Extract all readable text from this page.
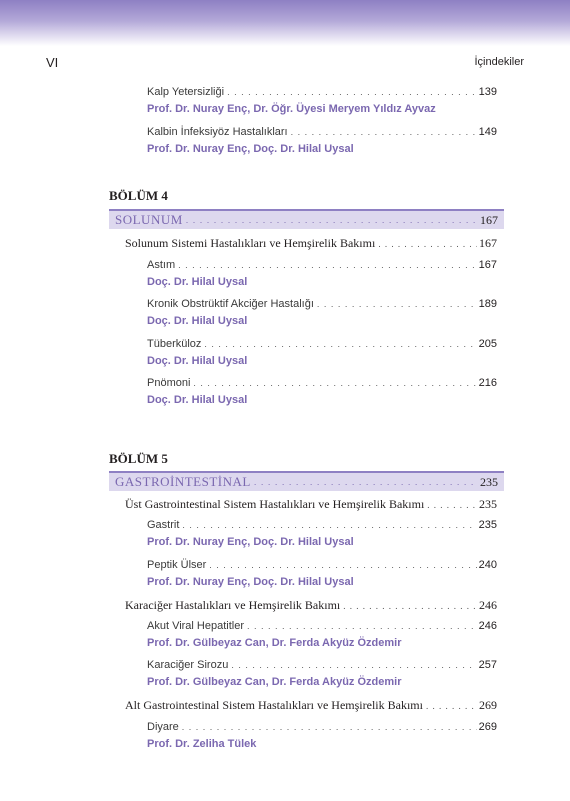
VI	İçindekiler
Kalp Yetersizliği . . .	139
Prof. Dr. Nuray Enç, Dr. Öğr. Üyesi Meryem Yıldız Ayvaz
Kalbin İnfeksiyöz Hastalıkları . . .	149
Prof. Dr. Nuray Enç, Doç. Dr. Hilal Uysal
BÖLÜM 4
SOLUNUM . . .	167
Solunum Sistemi Hastalıkları ve Hemşirelik Bakımı . . .	167
Astım . . .	167
Doç. Dr. Hilal Uysal
Kronik Obstrüktif Akciğer Hastalığı . . .	189
Doç. Dr. Hilal Uysal
Tüberküloz . . .	205
Doç. Dr. Hilal Uysal
Pnömoni . . .	216
Doç. Dr. Hilal Uysal
BÖLÜM 5
GASTROİNTESTİNAL . . .	235
Üst Gastrointestinal Sistem Hastalıkları ve Hemşirelik Bakımı . . .	235
Gastrit . . .	235
Prof. Dr. Nuray Enç, Doç. Dr. Hilal Uysal
Peptik Ülser . . .	240
Prof. Dr. Nuray Enç, Doç. Dr. Hilal Uysal
Karaciğer Hastalıkları ve Hemşirelik Bakımı . . .	246
Akut Viral Hepatitler . . .	246
Prof. Dr. Gülbeyaz Can, Dr. Ferda Akyüz Özdemir
Karaciğer Sirozu . . .	257
Prof. Dr. Gülbeyaz Can, Dr. Ferda Akyüz Özdemir
Alt Gastrointestinal Sistem Hastalıkları ve Hemşirelik Bakımı . . .	269
Diyare . . .	269
Prof. Dr. Zeliha Tülek
